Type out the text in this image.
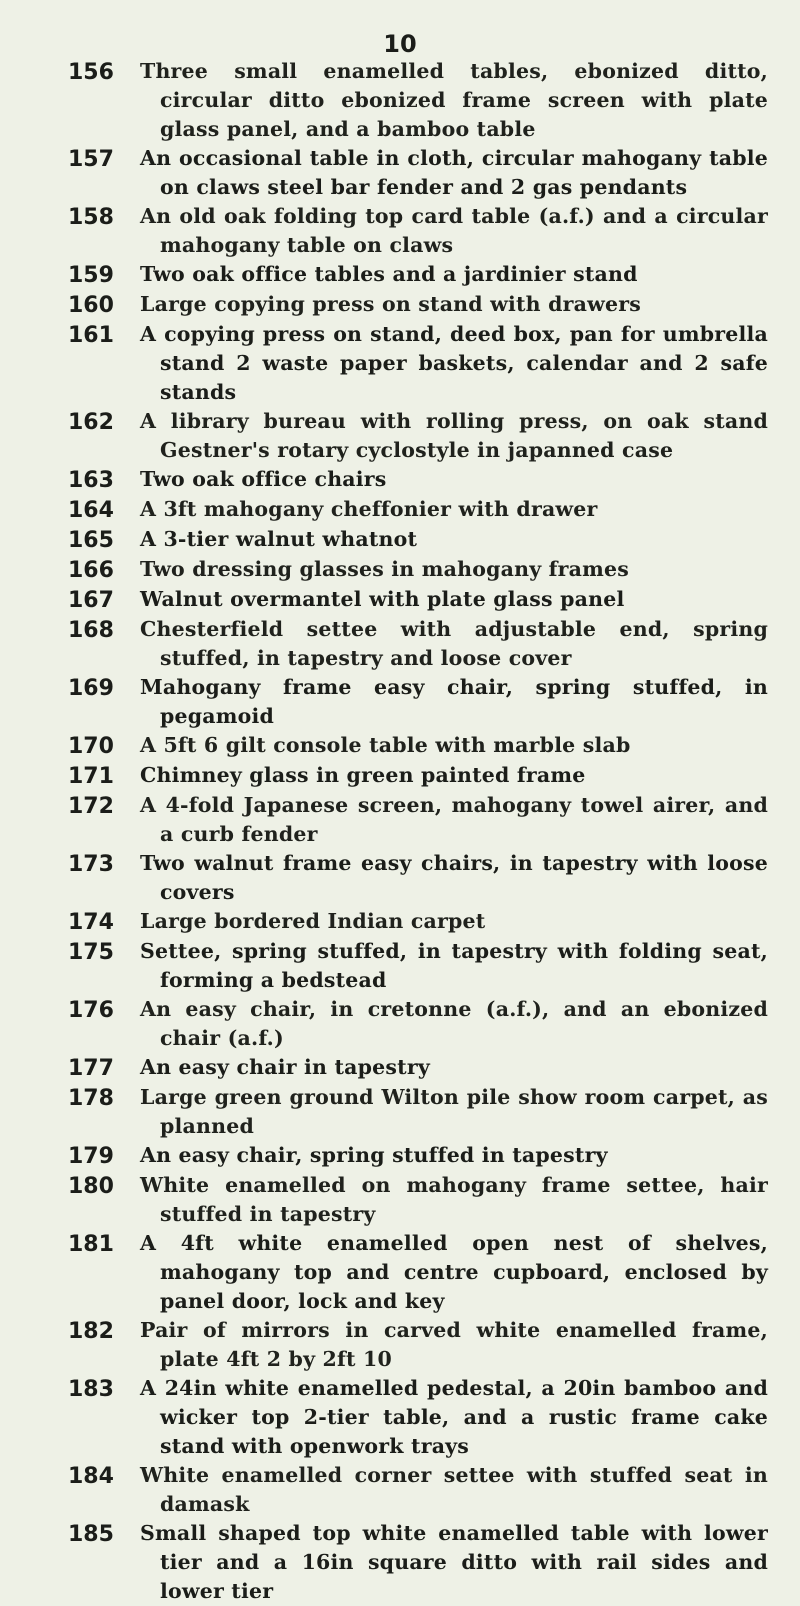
10
156	Three small enamelled tables, ebonized ditto, circular ditto ebonized frame screen with plate glass panel, and a bamboo table
157	An occasional table in cloth, circular mahogany table on claws steel bar fender and 2 gas pendants
158	An old oak folding top card table (a.f.) and a circular mahogany table on claws
159	Two oak office tables and a jardinier stand
160	Large copying press on stand with drawers
161	A copying press on stand, deed box, pan for umbrella stand 2 waste paper baskets, calendar and 2 safe stands
162	A library bureau with rolling press, on oak stand Gestner's rotary cyclostyle in japanned case
163	Two oak office chairs
164	A 3ft mahogany cheffonier with drawer
165	A 3-tier walnut whatnot
166	Two dressing glasses in mahogany frames
167	Walnut overmantel with plate glass panel
168	Chesterfield settee with adjustable end, spring stuffed, in tapestry and loose cover
169	Mahogany frame easy chair, spring stuffed, in pegamoid
170	A 5ft 6 gilt console table with marble slab
171	Chimney glass in green painted frame
172	A 4-fold Japanese screen, mahogany towel airer, and a curb fender
173	Two walnut frame easy chairs, in tapestry with loose covers
174	Large bordered Indian carpet
175	Settee, spring stuffed, in tapestry with folding seat, forming a bedstead
176	An easy chair, in cretonne (a.f.), and an ebonized chair (a.f.)
177	An easy chair in tapestry
178	Large green ground Wilton pile show room carpet, as planned
179	An easy chair, spring stuffed in tapestry
180	White enamelled on mahogany frame settee, hair stuffed in tapestry
181	A 4ft white enamelled open nest of shelves, mahogany top and centre cupboard, enclosed by panel door, lock and key
182	Pair of mirrors in carved white enamelled frame, plate 4ft 2 by 2ft 10
183	A 24in white enamelled pedestal, a 20in bamboo and wicker top 2-tier table, and a rustic frame cake stand with openwork trays
184	White enamelled corner settee with stuffed seat in damask
185	Small shaped top white enamelled table with lower tier and a 16in square ditto with rail sides and lower tier
